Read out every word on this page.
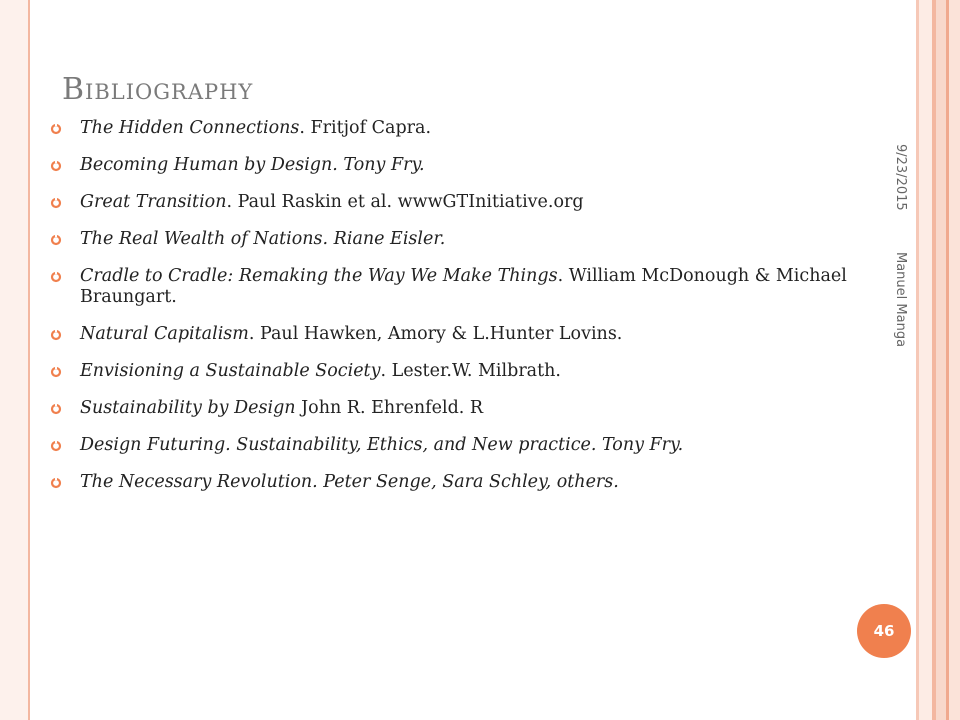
Bibliography
The Hidden Connections. Fritjof Capra.
Becoming Human by Design. Tony Fry.
Great Transition. Paul Raskin et al. wwwGTInitiative.org
The Real Wealth of Nations. Riane Eisler.
Cradle to Cradle: Remaking the Way We Make Things. William McDonough & Michael Braungart.
Natural Capitalism. Paul Hawken, Amory & L.Hunter Lovins.
Envisioning a Sustainable Society. Lester.W. Milbrath.
Sustainability by Design John R. Ehrenfeld. R
Design Futuring. Sustainability, Ethics, and New practice. Tony Fry.
The Necessary Revolution. Peter Senge, Sara Schley, others.
9/23/2015
Manuel Manga
46
